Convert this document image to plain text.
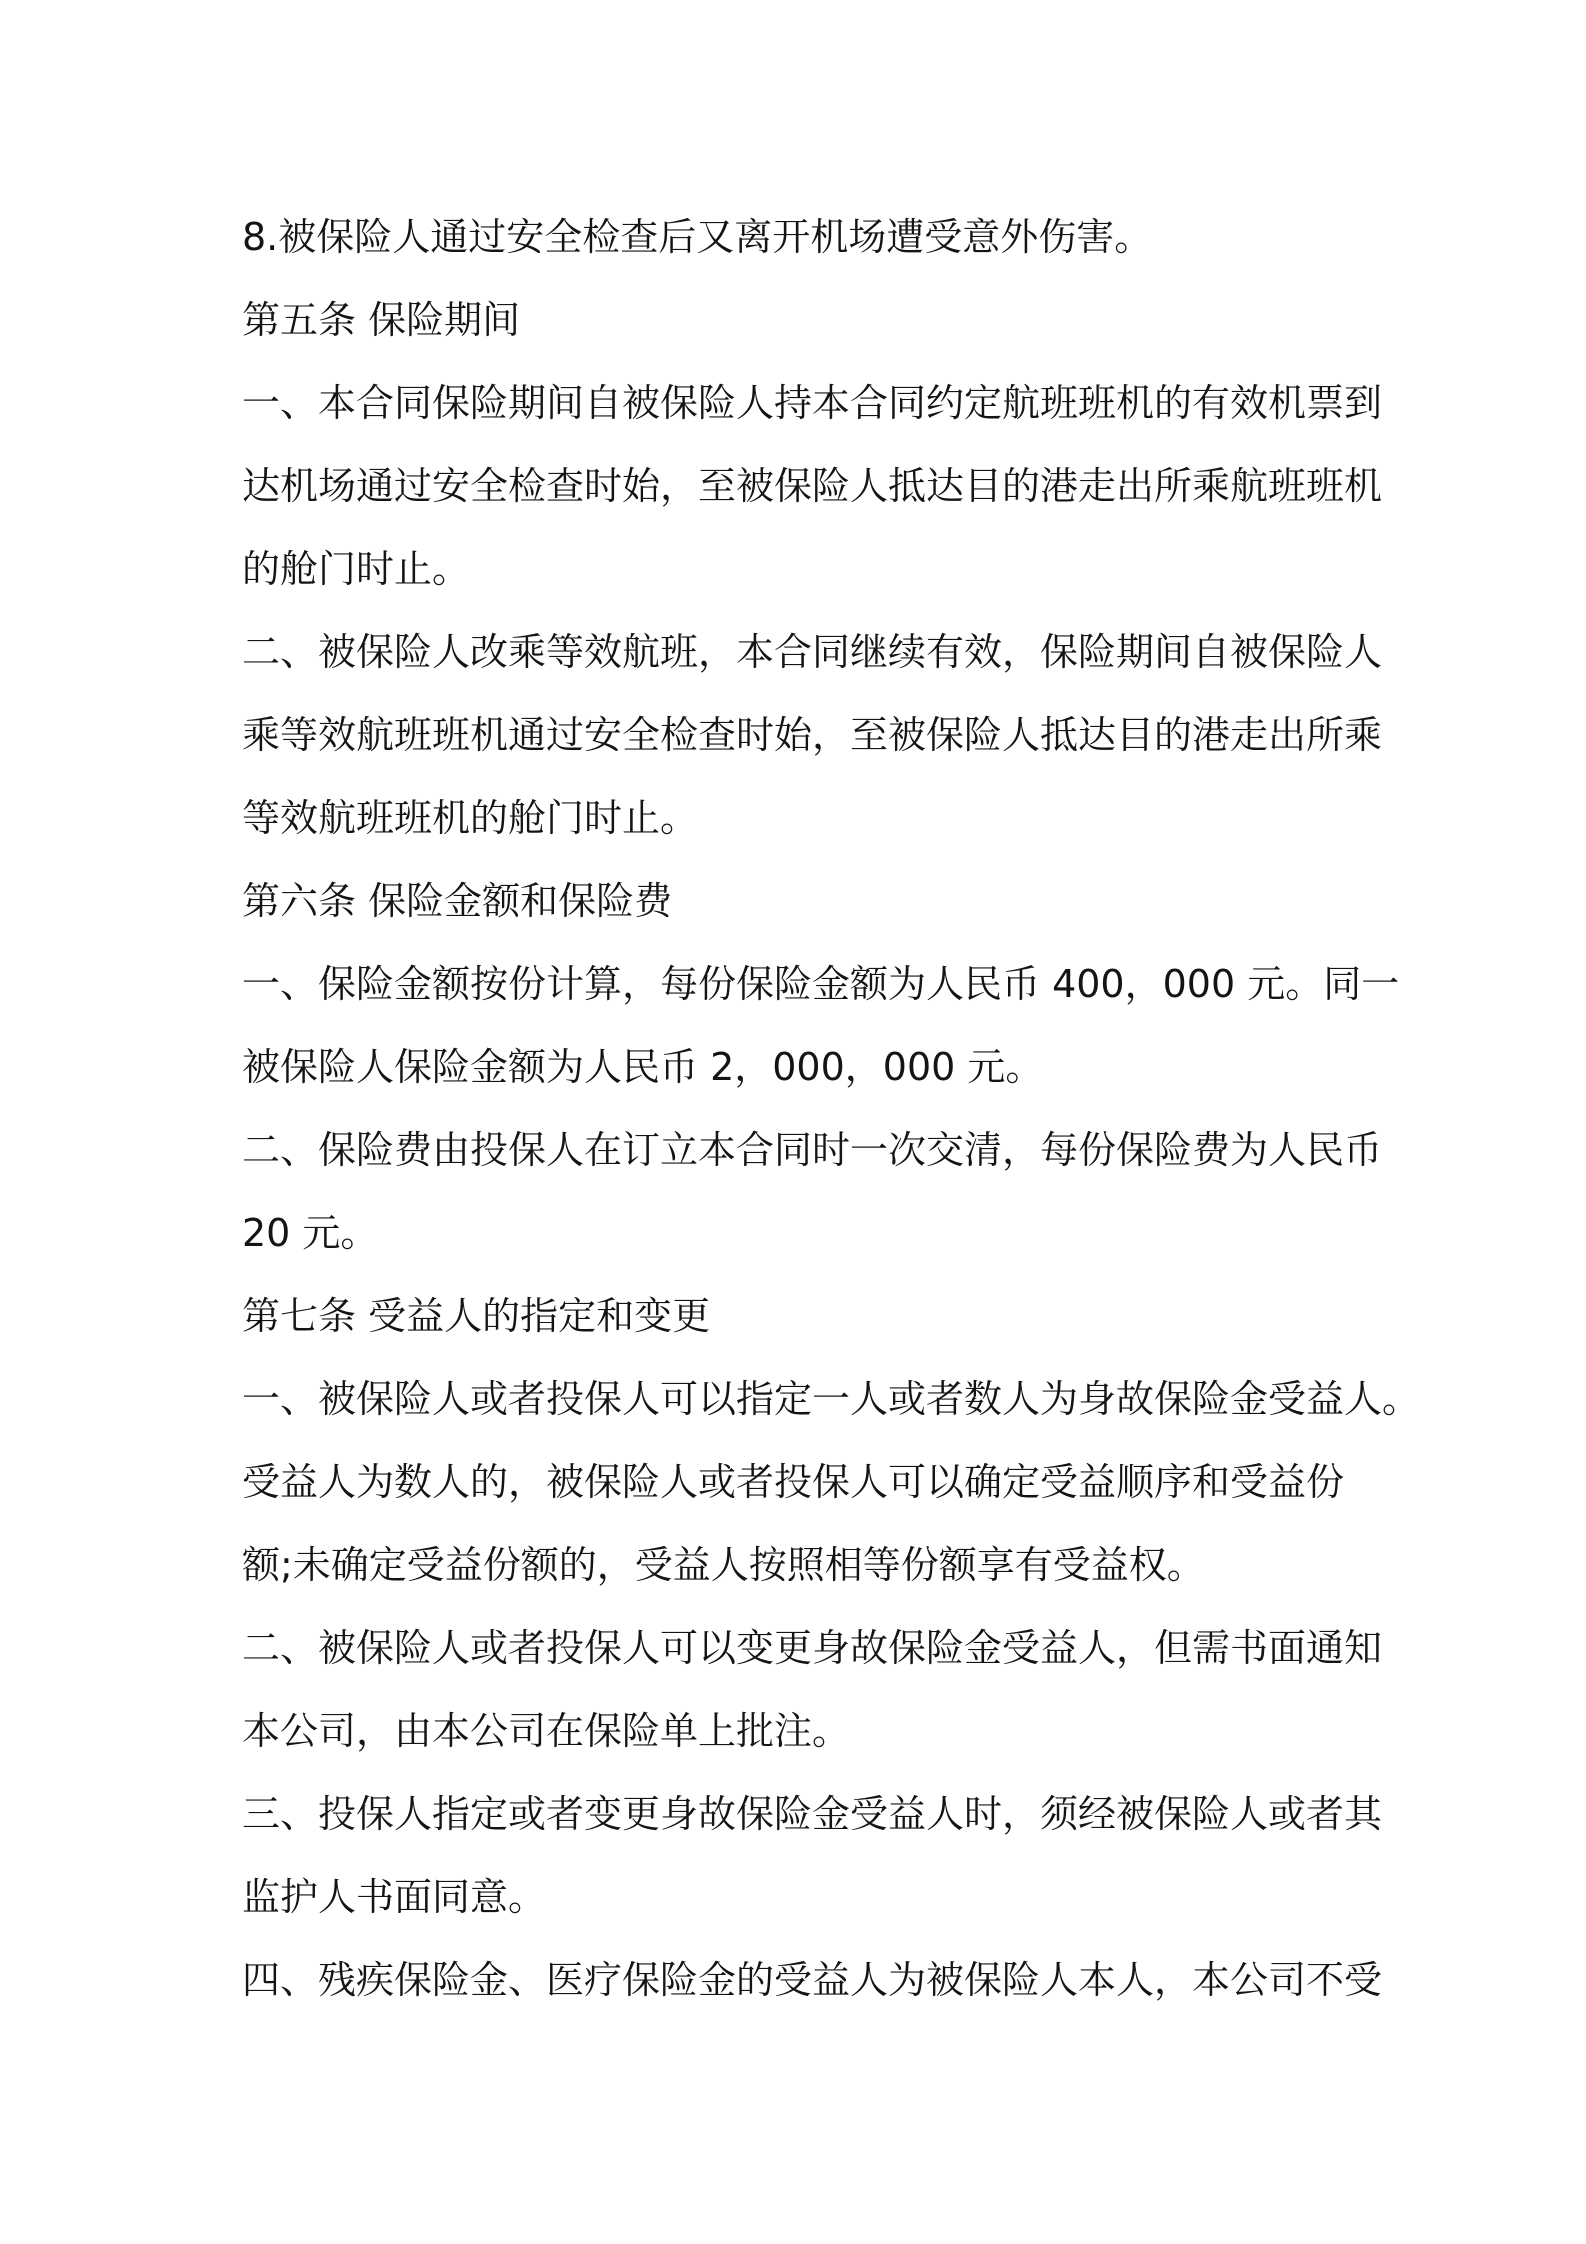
8.被保险人通过安全检查后又离开机场遭受意外伤害。
第五条 保险期间
一、本合同保险期间自被保险人持本合同约定航班班机的有效机票到
达机场通过安全检查时始，至被保险人抵达目的港走出所乘航班班机
的舱门时止。
二、被保险人改乘等效航班，本合同继续有效，保险期间自被保险人
乘等效航班班机通过安全检查时始，至被保险人抵达目的港走出所乘
等效航班班机的舱门时止。
第六条 保险金额和保险费
一、保险金额按份计算，每份保险金额为人民币 400，000 元。同一
被保险人保险金额为人民币 2，000，000 元。
二、保险费由投保人在订立本合同时一次交清，每份保险费为人民币
20 元。
第七条 受益人的指定和变更
一、被保险人或者投保人可以指定一人或者数人为身故保险金受益人。
受益人为数人的，被保险人或者投保人可以确定受益顺序和受益份
额;未确定受益份额的，受益人按照相等份额享有受益权。
二、被保险人或者投保人可以变更身故保险金受益人，但需书面通知
本公司，由本公司在保险单上批注。
三、投保人指定或者变更身故保险金受益人时，须经被保险人或者其
监护人书面同意。
四、残疾保险金、医疗保险金的受益人为被保险人本人，本公司不受
